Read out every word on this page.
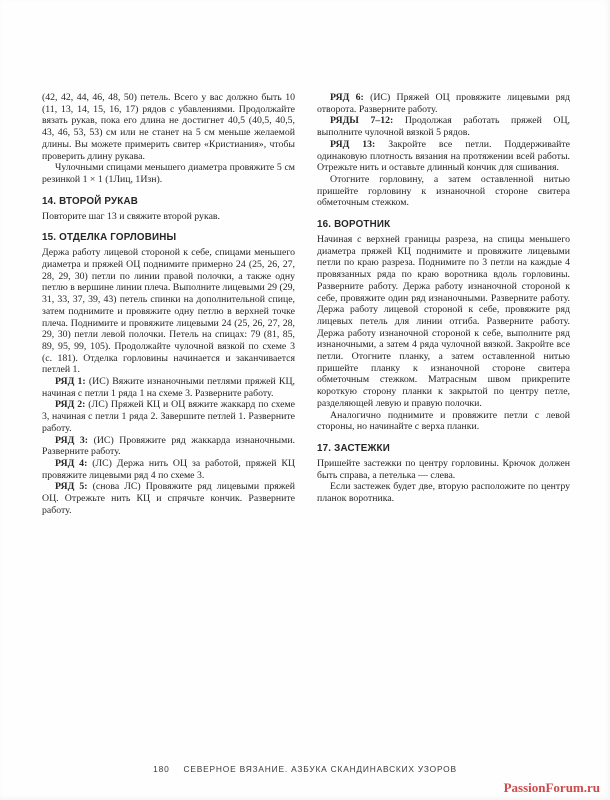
(42, 42, 44, 46, 48, 50) петель. Всего у вас должно быть 10 (11, 13, 14, 15, 16, 17) рядов с убавлениями. Продолжайте вязать рукав, пока его длина не достигнет 40,5 (40,5, 40,5, 43, 46, 53, 53) см или не станет на 5 см меньше желаемой длины. Вы можете примерить свитер «Кристиания», чтобы проверить длину рукава.

Чулочными спицами меньшего диаметра провяжите 5 см резинкой 1 × 1 (1Лиц, 1Изн).

14. ВТОРОЙ РУКАВ

Повторите шаг 13 и свяжите второй рукав.

15. ОТДЕЛКА ГОРЛОВИНЫ

Держа работу лицевой стороной к себе, спицами меньшего диаметра и пряжей ОЦ поднимите примерно 24 (25, 26, 27, 28, 29, 30) петли по линии правой полочки, а также одну петлю в вершине линии плеча. Выполните лицевыми 29 (29, 31, 33, 37, 39, 43) петель спинки на дополнительной спице, затем поднимите и провяжите одну петлю в верхней точке плеча. Поднимите и провяжите лицевыми 24 (25, 26, 27, 28, 29, 30) петли левой полочки. Петель на спицах: 79 (81, 85, 89, 95, 99, 105). Продолжайте чулочной вязкой по схеме 3 (с. 181). Отделка горловины начинается и заканчивается петлей 1.

РЯД 1: (ИС) Вяжите изнаночными петлями пряжей КЦ, начиная с петли 1 ряда 1 на схеме 3. Разверните работу.

РЯД 2: (ЛС) Пряжей КЦ и ОЦ вяжите жаккард по схеме 3, начиная с петли 1 ряда 2. Завершите петлей 1. Разверните работу.

РЯД 3: (ИС) Провяжите ряд жаккарда изнаночными. Разверните работу.

РЯД 4: (ЛС) Держа нить ОЦ за работой, пряжей КЦ провяжите лицевыми ряд 4 по схеме 3.

РЯД 5: (снова ЛС) Провяжите ряд лицевыми пряжей ОЦ. Отрежьте нить КЦ и спрячьте кончик. Разверните работу.

РЯД 6: (ИС) Пряжей ОЦ провяжите лицевыми ряд отворота. Разверните работу.

РЯДЫ 7–12: Продолжая работать пряжей ОЦ, выполните чулочной вязкой 5 рядов.

РЯД 13: Закройте все петли. Поддерживайте одинаковую плотность вязания на протяжении всей работы. Отрежьте нить и оставьте длинный кончик для сшивания.

Отогните горловину, а затем оставленной нитью пришейте горловину к изнаночной стороне свитера обметочным стежком.

16. ВОРОТНИК

Начиная с верхней границы разреза, на спицы меньшего диаметра пряжей КЦ поднимите и провяжите лицевыми петли по краю разреза. Поднимите по 3 петли на каждые 4 провязанных ряда по краю воротника вдоль горловины. Разверните работу. Держа работу изнаночной стороной к себе, провяжите один ряд изнаночными. Разверните работу. Держа работу лицевой стороной к себе, провяжите ряд лицевых петель для линии отгиба. Разверните работу. Держа работу изнаночной стороной к себе, выполните ряд изнаночными, а затем 4 ряда чулочной вязкой. Закройте все петли. Отогните планку, а затем оставленной нитью пришейте планку к изнаночной стороне свитера обметочным стежком. Матрасным швом прикрепите короткую сторону планки к закрытой по центру петле, разделяющей левую и правую полочки.

Аналогично поднимите и провяжите петли с левой стороны, но начинайте с верха планки.

17. ЗАСТЕЖКИ

Пришейте застежки по центру горловины. Крючок должен быть справа, а петелька — слева.

Если застежек будет две, вторую расположите по центру планок воротника.

180 СЕВЕРНОЕ ВЯЗАНИЕ. АЗБУКА СКАНДИНАВСКИХ УЗОРОВ
PassionForum.ru
